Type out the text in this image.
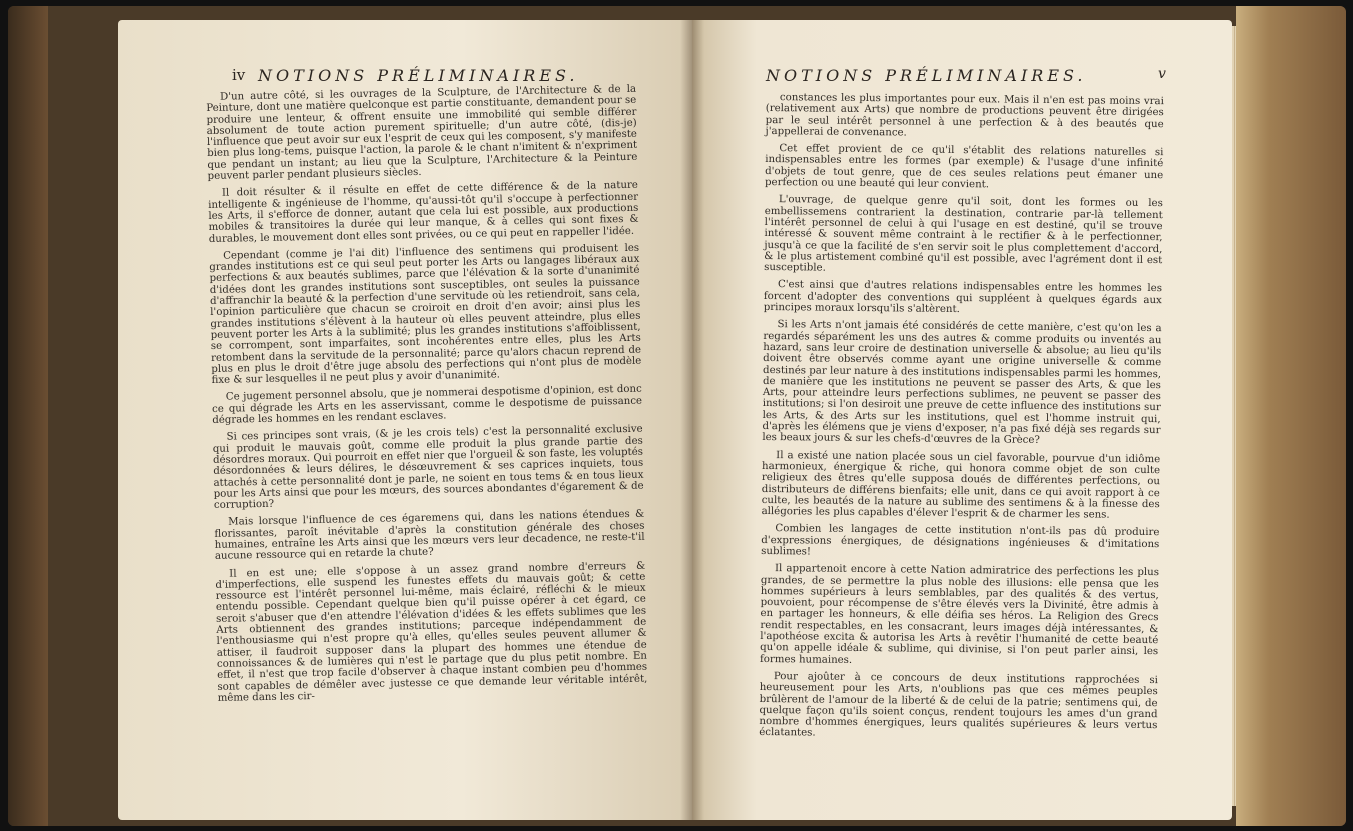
iv NOTIONS PRÉLIMINAIRES.

D'un autre côté, si les ouvrages de la Sculpture, de l'Architecture & de la Peinture, dont une matière quelconque est partie constituante, demandent pour se produire une lenteur, & offrent ensuite une immobilité qui semble différer absolument de toute action purement spirituelle; d'un autre côté, (dis-je) l'influence que peut avoir sur eux l'esprit de ceux qui les composent, s'y manifeste bien plus long-tems, puisque l'action, la parole & le chant n'imitent & n'expriment que pendant un instant; au lieu que la Sculpture, l'Architecture & la Peinture peuvent parler pendant plusieurs siècles.

Il doit résulter & il résulte en effet de cette différence & de la nature intelligente & ingénieuse de l'homme, qu'aussi-tôt qu'il s'occupe à perfectionner les Arts, il s'efforce de donner, autant que cela lui est possible, aux productions mobiles & transitoires la durée qui leur manque, & à celles qui sont fixes & durables, le mouvement dont elles sont privées, ou ce qui peut en rappeller l'idée.

Cependant (comme je l'ai dit) l'influence des sentimens qui produisent les grandes institutions est ce qui seul peut porter les Arts ou langages libéraux aux perfections & aux beautés sublimes, parce que l'élévation & la sorte d'unanimité d'idées dont les grandes institutions sont susceptibles, ont seules la puissance d'affranchir la beauté & la perfection d'une servitude où les retiendroit, sans cela, l'opinion particulière que chacun se croiroit en droit d'en avoir; ainsi plus les grandes institutions s'élèvent à la hauteur où elles peuvent atteindre, plus elles peuvent porter les Arts à la sublimité; plus les grandes institutions s'affoiblissent, se corrompent, sont imparfaites, sont incohérentes entre elles, plus les Arts retombent dans la servitude de la personnalité; parce qu'alors chacun reprend de plus en plus le droit d'être juge absolu des perfections qui n'ont plus de modèle fixe & sur lesquelles il ne peut plus y avoir d'unanimité.

Ce jugement personnel absolu, que je nommerai despotisme d'opinion, est donc ce qui dégrade les Arts en les asservissant, comme le despotisme de puissance dégrade les hommes en les rendant esclaves.

Si ces principes sont vrais, (& je les crois tels) c'est la personnalité exclusive qui produit le mauvais goût, comme elle produit la plus grande partie des désordres moraux. Qui pourroit en effet nier que l'orgueil & son faste, les voluptés désordonnées & leurs délires, le désœuvrement & ses caprices inquiets, tous attachés à cette personnalité dont je parle, ne soient en tous tems & en tous lieux pour les Arts ainsi que pour les mœurs, des sources abondantes d'égarement & de corruption?

Mais lorsque l'influence de ces égaremens qui, dans les nations étendues & florissantes, paroît inévitable d'après la constitution générale des choses humaines, entraîne les Arts ainsi que les mœurs vers leur decadence, ne reste-t'il aucune ressource qui en retarde la chute?

Il en est une; elle s'oppose à un assez grand nombre d'erreurs & d'imperfections, elle suspend les funestes effets du mauvais goût; & cette ressource est l'intérêt personnel lui-même, mais éclairé, réfléchi & le mieux entendu possible. Cependant quelque bien qu'il puisse opérer à cet égard, ce seroit s'abuser que d'en attendre l'élévation d'idées & les effets sublimes que les Arts obtiennent des grandes institutions; parceque indépendamment de l'enthousiasme qui n'est propre qu'à elles, qu'elles seules peuvent allumer & attiser, il faudroit supposer dans la plupart des hommes une étendue de connoissances & de lumières qui n'est le partage que du plus petit nombre. En effet, il n'est que trop facile d'observer à chaque instant combien peu d'hommes sont capables de démêler avec justesse ce que demande leur véritable intérêt, même dans les cir-

NOTIONS PRÉLIMINAIRES.	v

constances les plus importantes pour eux. Mais il n'en est pas moins vrai (relativement aux Arts) que nombre de productions peuvent être dirigées par le seul intérêt personnel à une perfection & à des beautés que j'appellerai de convenance.

Cet effet provient de ce qu'il s'établit des relations naturelles si indispensables entre les formes (par exemple) & l'usage d'une infinité d'objets de tout genre, que de ces seules relations peut émaner une perfection ou une beauté qui leur convient.

L'ouvrage, de quelque genre qu'il soit, dont les formes ou les embellissemens contrarient la destination, contrarie par-là tellement l'intérêt personnel de celui à qui l'usage en est destiné, qu'il se trouve intéressé & souvent même contraint à le rectifier & à le perfectionner, jusqu'à ce que la facilité de s'en servir soit le plus complettement d'accord, & le plus artistement combiné qu'il est possible, avec l'agrément dont il est susceptible.

C'est ainsi que d'autres relations indispensables entre les hommes les forcent d'adopter des conventions qui suppléent à quelques égards aux principes moraux lorsqu'ils s'altèrent.

Si les Arts n'ont jamais été considérés de cette manière, c'est qu'on les a regardés séparément les uns des autres & comme produits ou inventés au hazard, sans leur croire de destination universelle & absolue; au lieu qu'ils doivent être observés comme ayant une origine universelle & comme destinés par leur nature à des institutions indispensables parmi les hommes, de manière que les institutions ne peuvent se passer des Arts, & que les Arts, pour atteindre leurs perfections sublimes, ne peuvent se passer des institutions; si l'on desiroit une preuve de cette influence des institutions sur les Arts, & des Arts sur les institutions, quel est l'homme instruit qui, d'après les élémens que je viens d'exposer, n'a pas fixé déjà ses regards sur les beaux jours & sur les chefs-d'œuvres de la Grèce?

Il a existé une nation placée sous un ciel favorable, pourvue d'un idiôme harmonieux, énergique & riche, qui honora comme objet de son culte religieux des êtres qu'elle supposa doués de différentes perfections, ou distributeurs de différens bienfaits; elle unit, dans ce qui avoit rapport à ce culte, les beautés de la nature au sublime des sentimens & à la finesse des allégories les plus capables d'élever l'esprit & de charmer les sens.

Combien les langages de cette institution n'ont-ils pas dû produire d'expressions énergiques, de désignations ingénieuses & d'imitations sublimes!

Il appartenoit encore à cette Nation admiratrice des perfections les plus grandes, de se permettre la plus noble des illusions: elle pensa que les hommes supérieurs à leurs semblables, par des qualités & des vertus, pouvoient, pour récompense de s'être élevés vers la Divinité, être admis à en partager les honneurs, & elle déifia ses héros. La Religion des Grecs rendit respectables, en les consacrant, leurs images déjà intéressantes, & l'apothéose excita & autorisa les Arts à revêtir l'humanité de cette beauté qu'on appelle idéale & sublime, qui divinise, si l'on peut parler ainsi, les formes humaines.

Pour ajoûter à ce concours de deux institutions rapprochées si heureusement pour les Arts, n'oublions pas que ces mêmes peuples brûlèrent de l'amour de la liberté & de celui de la patrie; sentimens qui, de quelque façon qu'ils soient conçus, rendent toujours les ames d'un grand nombre d'hommes énergiques, leurs qualités supérieures & leurs vertus éclatantes.
